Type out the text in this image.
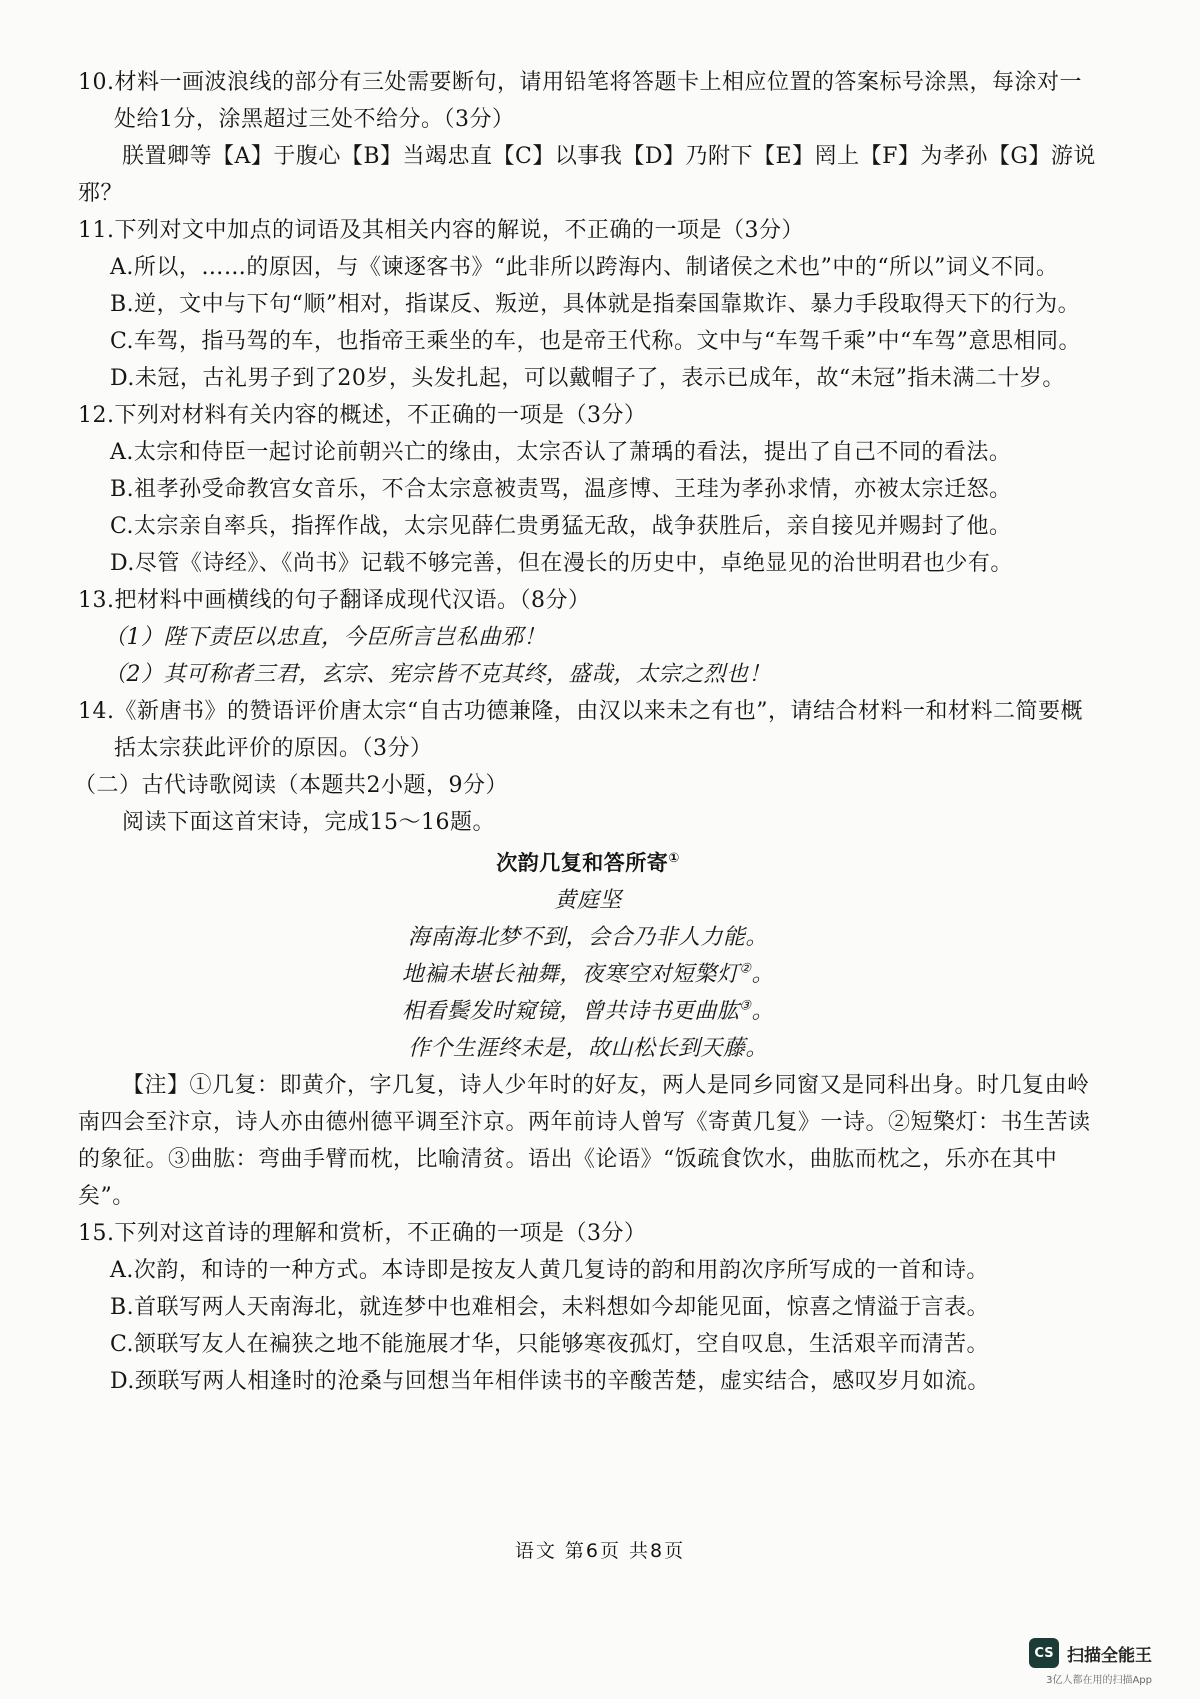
10.材料一画波浪线的部分有三处需要断句，请用铅笔将答题卡上相应位置的答案标号涂黑，每涂对一处给1分，涂黑超过三处不给分。（3分）

朕置卿等【A】于腹心【B】当竭忠直【C】以事我【D】乃附下【E】罔上【F】为孝孙【G】游说邪？

11.下列对文中加点的词语及其相关内容的解说，不正确的一项是（3分）

A.所以，……的原因，与《谏逐客书》“此非所以跨海内、制诸侯之术也”中的“所以”词义不同。

B.逆，文中与下句“顺”相对，指谋反、叛逆，具体就是指秦国靠欺诈、暴力手段取得天下的行为。

C.车驾，指马驾的车，也指帝王乘坐的车，也是帝王代称。文中与“车驾千乘”中“车驾”意思相同。

D.未冠，古礼男子到了20岁，头发扎起，可以戴帽子了，表示已成年，故“未冠”指未满二十岁。

12.下列对材料有关内容的概述，不正确的一项是（3分）

A.太宗和侍臣一起讨论前朝兴亡的缘由，太宗否认了萧瑀的看法，提出了自己不同的看法。

B.祖孝孙受命教宫女音乐，不合太宗意被责骂，温彦博、王珪为孝孙求情，亦被太宗迁怒。

C.太宗亲自率兵，指挥作战，太宗见薛仁贵勇猛无敌，战争获胜后，亲自接见并赐封了他。

D.尽管《诗经》、《尚书》记载不够完善，但在漫长的历史中，卓绝显见的治世明君也少有。

13.把材料中画横线的句子翻译成现代汉语。（8分）

（1）陛下责臣以忠直，今臣所言岂私曲邪！

（2）其可称者三君，玄宗、宪宗皆不克其终，盛哉，太宗之烈也！

14.《新唐书》的赞语评价唐太宗“自古功德兼隆，由汉以来未之有也”，请结合材料一和材料二简要概括太宗获此评价的原因。（3分）

（二）古代诗歌阅读（本题共2小题，9分）

阅读下面这首宋诗，完成15～16题。

次韵几复和答所寄①

黄庭坚

海南海北梦不到，会合乃非人力能。

地褊未堪长袖舞，夜寒空对短檠灯②。

相看鬓发时窥镜，曾共诗书更曲肱③。

作个生涯终未是，故山松长到天藤。

【注】①几复：即黄介，字几复，诗人少年时的好友，两人是同乡同窗又是同科出身。时几复由岭南四会至汴京，诗人亦由德州德平调至汴京。两年前诗人曾写《寄黄几复》一诗。②短檠灯：书生苦读的象征。③曲肱：弯曲手臂而枕，比喻清贫。语出《论语》“饭疏食饮水，曲肱而枕之，乐亦在其中矣”。

15.下列对这首诗的理解和赏析，不正确的一项是（3分）

A.次韵，和诗的一种方式。本诗即是按友人黄几复诗的韵和用韵次序所写成的一首和诗。

B.首联写两人天南海北，就连梦中也难相会，未料想如今却能见面，惊喜之情溢于言表。

C.颔联写友人在褊狭之地不能施展才华，只能够寒夜孤灯，空自叹息，生活艰辛而清苦。

D.颈联写两人相逢时的沧桑与回想当年相伴读书的辛酸苦楚，虚实结合，感叹岁月如流。

语文 第6页 共8页
CS 扫描全能王
3亿人都在用的扫描App
